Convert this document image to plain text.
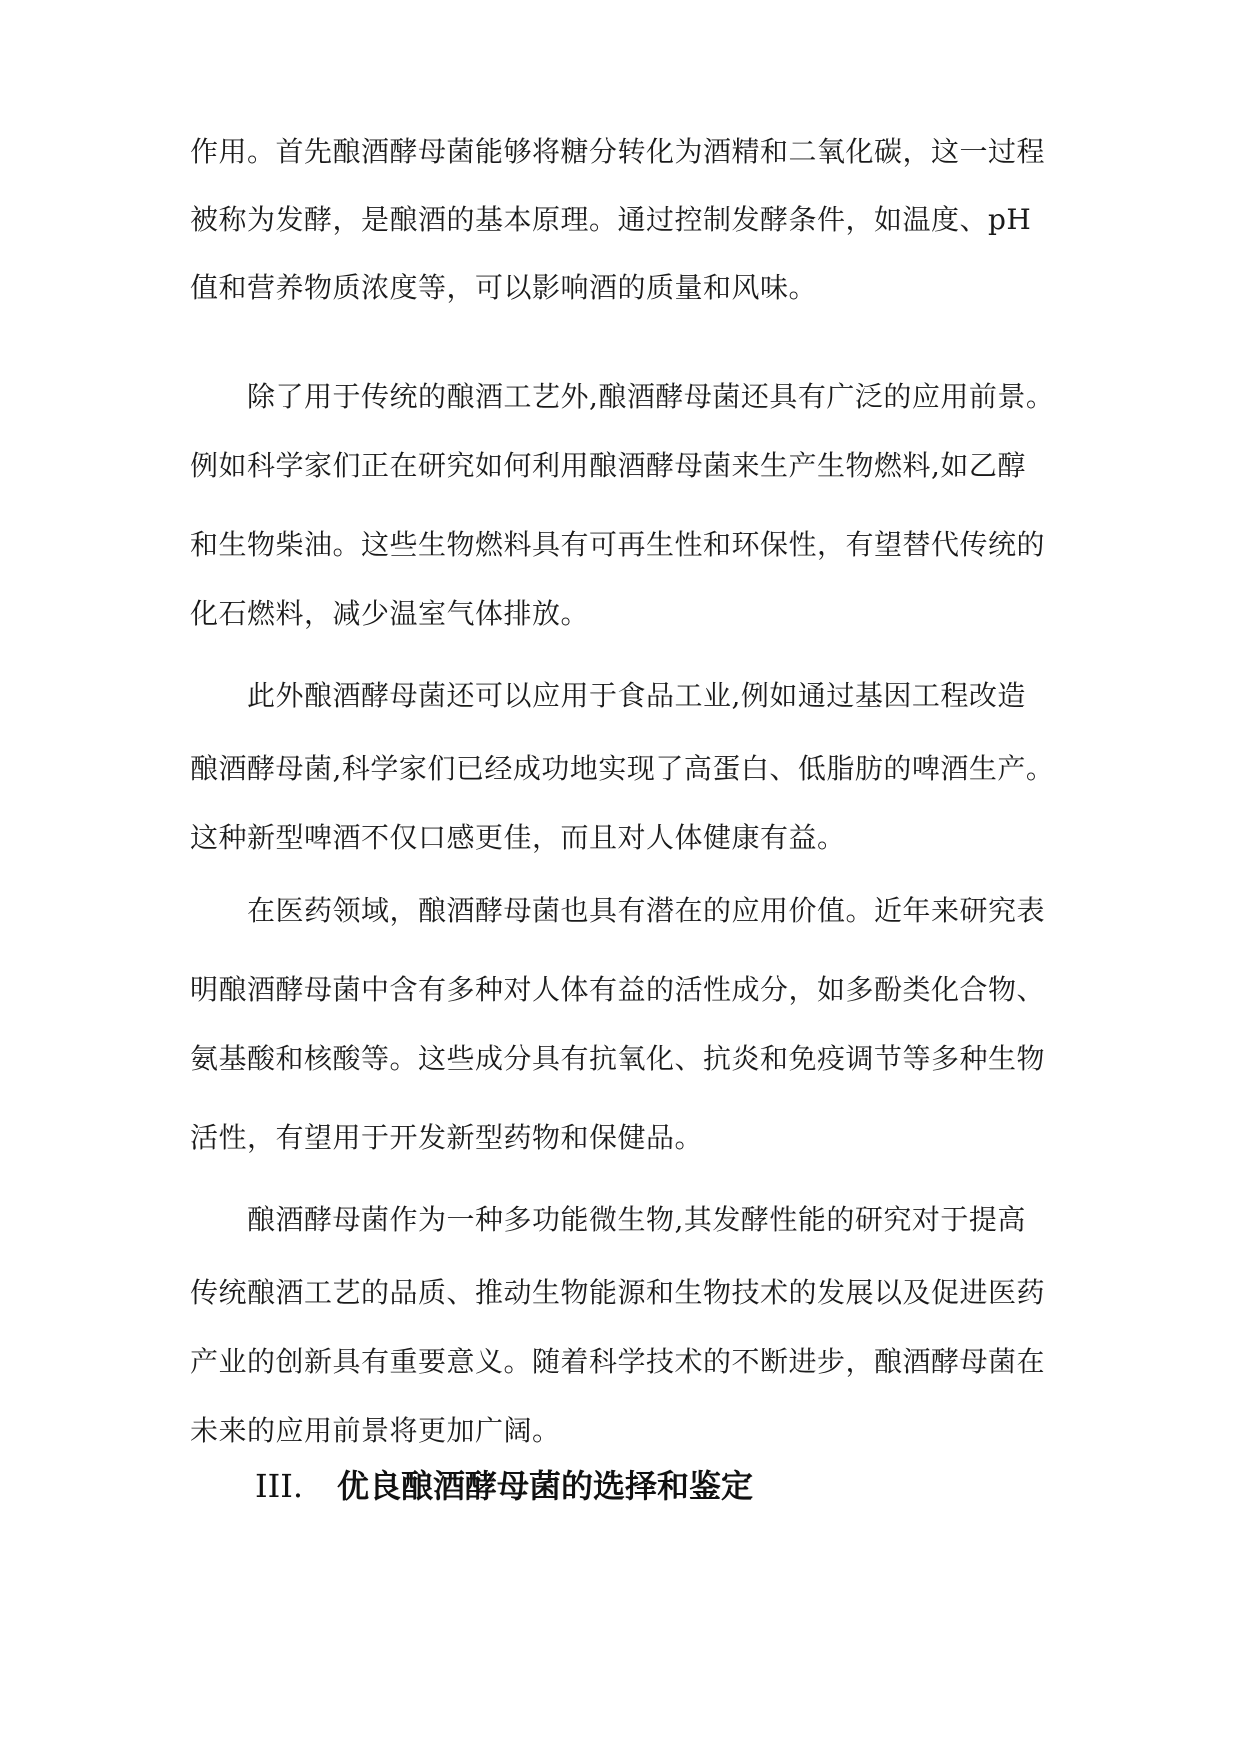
作用。首先酿酒酵母菌能够将糖分转化为酒精和二氧化碳，这一过程
被称为发酵，是酿酒的基本原理。通过控制发酵条件，如温度、pH
值和营养物质浓度等，可以影响酒的质量和风味。
　　除了用于传统的酿酒工艺外,酿酒酵母菌还具有广泛的应用前景。
例如科学家们正在研究如何利用酿酒酵母菌来生产生物燃料,如乙醇
和生物柴油。这些生物燃料具有可再生性和环保性，有望替代传统的
化石燃料，减少温室气体排放。
　　此外酿酒酵母菌还可以应用于食品工业,例如通过基因工程改造
酿酒酵母菌,科学家们已经成功地实现了高蛋白、低脂肪的啤酒生产。
这种新型啤酒不仅口感更佳，而且对人体健康有益。
　　在医药领域，酿酒酵母菌也具有潜在的应用价值。近年来研究表
明酿酒酵母菌中含有多种对人体有益的活性成分，如多酚类化合物、
氨基酸和核酸等。这些成分具有抗氧化、抗炎和免疫调节等多种生物
活性，有望用于开发新型药物和保健品。
　　酿酒酵母菌作为一种多功能微生物,其发酵性能的研究对于提高
传统酿酒工艺的品质、推动生物能源和生物技术的发展以及促进医药
产业的创新具有重要意义。随着科学技术的不断进步，酿酒酵母菌在
未来的应用前景将更加广阔。
III. 优良酿酒酵母菌的选择和鉴定
